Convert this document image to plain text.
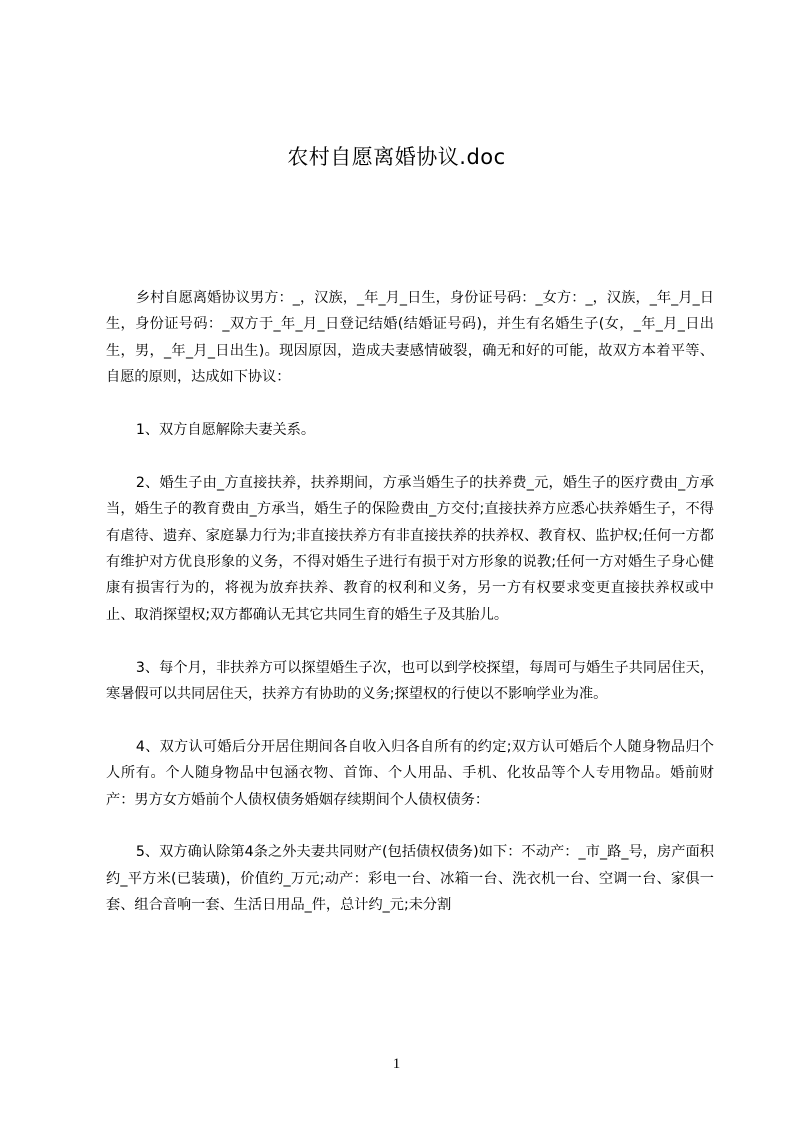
农村自愿离婚协议.doc

乡村自愿离婚协议男方：_，汉族，_年_月_日生，身份证号码：_女方：_，汉族，_年_月_日生，身份证号码：_双方于_年_月_日登记结婚(结婚证号码)，并生有名婚生子(女，_年_月_日出生，男，_年_月_日出生)。现因原因，造成夫妻感情破裂，确无和好的可能，故双方本着平等、自愿的原则，达成如下协议：

1、双方自愿解除夫妻关系。

2、婚生子由_方直接扶养，扶养期间，方承当婚生子的扶养费_元，婚生子的医疗费由_方承当，婚生子的教育费由_方承当，婚生子的保险费由_方交付;直接扶养方应悉心扶养婚生子，不得有虐待、遗弃、家庭暴力行为;非直接扶养方有非直接扶养的扶养权、教育权、监护权;任何一方都有维护对方优良形象的义务，不得对婚生子进行有损于对方形象的说教;任何一方对婚生子身心健康有损害行为的，将视为放弃扶养、教育的权利和义务，另一方有权要求变更直接扶养权或中止、取消探望权;双方都确认无其它共同生育的婚生子及其胎儿。

3、每个月，非扶养方可以探望婚生子次，也可以到学校探望，每周可与婚生子共同居住天，寒暑假可以共同居住天，扶养方有协助的义务;探望权的行使以不影响学业为准。

4、双方认可婚后分开居住期间各自收入归各自所有的约定;双方认可婚后个人随身物品归个人所有。个人随身物品中包涵衣物、首饰、个人用品、手机、化妆品等个人专用物品。婚前财产：男方女方婚前个人债权债务婚姻存续期间个人债权债务：

5、双方确认除第4条之外夫妻共同财产(包括债权债务)如下：不动产：_市_路_号，房产面积约_平方米(已装璜)，价值约_万元;动产：彩电一台、冰箱一台、洗衣机一台、空调一台、家俱一套、组合音响一套、生活日用品_件，总计约_元;未分割

1
